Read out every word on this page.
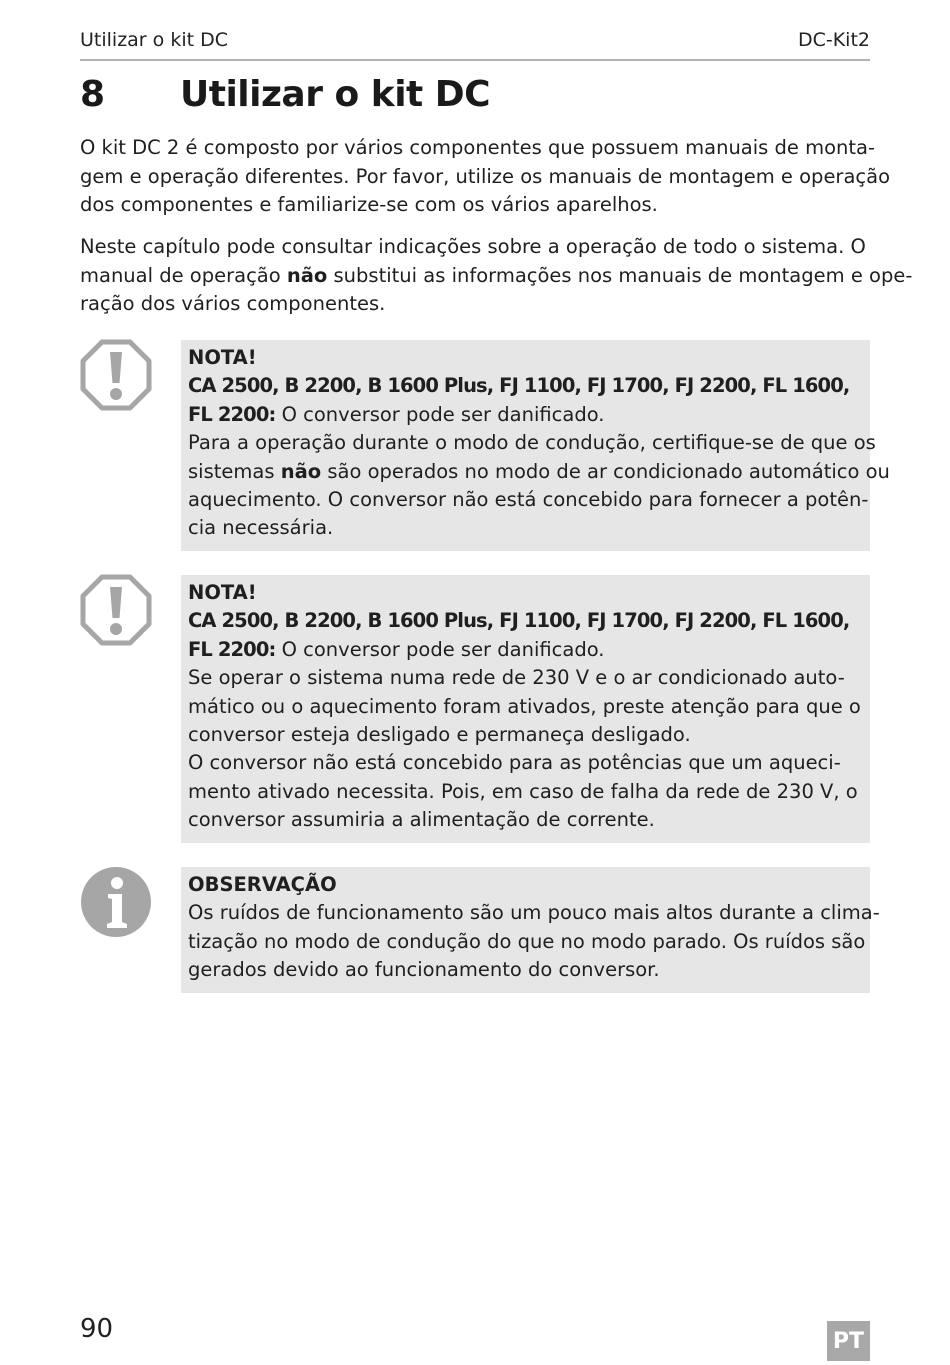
Utilizar o kit DC	DC-Kit2
8 Utilizar o kit DC
O kit DC 2 é composto por vários componentes que possuem manuais de monta-
gem e operação diferentes. Por favor, utilize os manuais de montagem e operação
dos componentes e familiarize-se com os vários aparelhos.
Neste capítulo pode consultar indicações sobre a operação de todo o sistema. O
manual de operação não substitui as informações nos manuais de montagem e ope-
ração dos vários componentes.
NOTA!
CA 2500, B 2200, B 1600 Plus, FJ 1100, FJ 1700, FJ 2200, FL 1600,
FL 2200: O conversor pode ser danificado.
Para a operação durante o modo de condução, certifique-se de que os
sistemas não são operados no modo de ar condicionado automático ou
aquecimento. O conversor não está concebido para fornecer a potên-
cia necessária.
NOTA!
CA 2500, B 2200, B 1600 Plus, FJ 1100, FJ 1700, FJ 2200, FL 1600,
FL 2200: O conversor pode ser danificado.
Se operar o sistema numa rede de 230 V e o ar condicionado auto-
mático ou o aquecimento foram ativados, preste atenção para que o
conversor esteja desligado e permaneça desligado.
O conversor não está concebido para as potências que um aqueci-
mento ativado necessita. Pois, em caso de falha da rede de 230 V, o
conversor assumiria a alimentação de corrente.
OBSERVAÇÃO
Os ruídos de funcionamento são um pouco mais altos durante a clima-
tização no modo de condução do que no modo parado. Os ruídos são
gerados devido ao funcionamento do conversor.
90	PT
